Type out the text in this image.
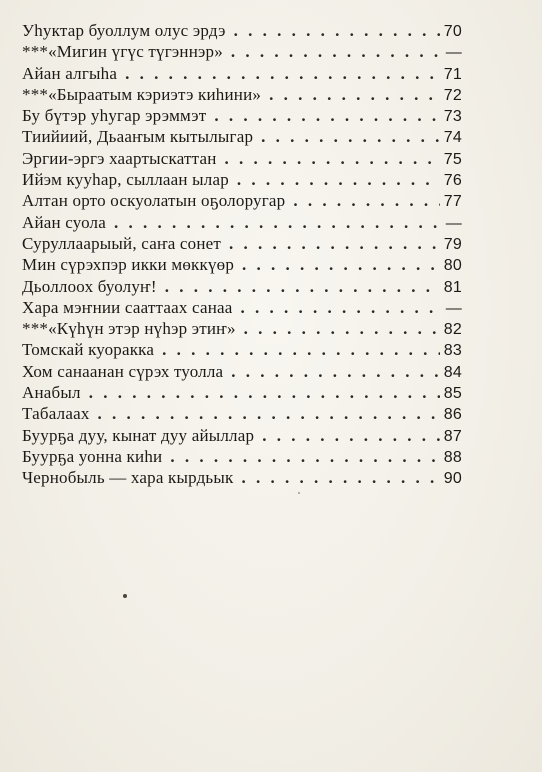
Уһуктар буоллум олус эрдэ . . .	70
***«Мигин үгүс түгэннэр» . . .	—
Айан алгыһа . . .	71
***«Быраатым кэриэтэ киһини» . . .	72
Бу бүтэр уһугар эрэммэт . . .	73
Тиийиий, Дьааҥым кытылыгар . . .	74
Эргии-эргэ хаартыскаттан . . .	75
Ийэм кууһар, сыллаан ылар . . .	76
Алтан орто оскуолатын оҕолоругар . . .	77
Айан суола . . .	—
Суруллаарыый, саҥа сонет . . .	79
Мин сүрэхпэр икки мөккүөр . . .	80
Дьоллоох буолуҥ! . . .	81
Хара мэҥнии сааттаах санаа . . .	—
***«Күһүн этэр нүһэр этиҥ» . . .	82
Томскай куоракка . . .	83
Хом санаанан сүрэх туолла . . .	84
Анабыл . . .	85
Табалаах . . .	86
Буурҕа дуу, кынат дуу айыллар . . .	87
Буурҕа уонна киһи . . .	88
Чернобыль — хара кырдьык . . .	90
